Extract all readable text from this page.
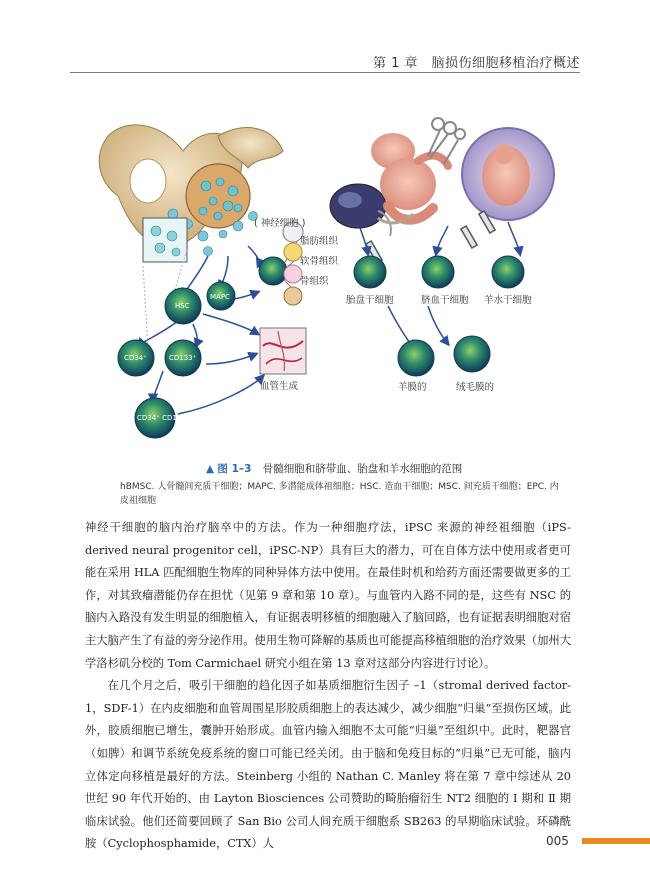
第 1 章　脑损伤细胞移植治疗概述
( 神经细胞 )
脂肪组织
软骨组织
骨组织
胎盘干细胞	脐血干细胞 羊水干细胞
羊膜的	绒毛膜的
血管生成
HSC
MAPC
CD34⁺	CD133⁺
CD34⁺ CD133⁺
▲ 图 1–3 骨髓细胞和脐带血、胎盘和羊水细胞的范围
hBMSC. 人骨髓间充质干细胞；MAPC. 多潜能成体祖细胞；HSC. 造血干细胞；MSC. 间充质干细胞；EPC. 内皮祖细胞

神经干细胞的脑内治疗脑卒中的方法。作为一种细胞疗法，iPSC 来源的神经祖细胞（iPS-derived neural progenitor cell，iPSC-NP）具有巨大的潜力，可在自体方法中使用或者更可能在采用 HLA 匹配细胞生物库的同种异体方法中使用。在最佳时机和给药方面还需要做更多的工作，对其致瘤潜能仍存在担忧（见第 9 章和第 10 章）。与血管内入路不同的是，这些有 NSC 的脑内入路没有发生明显的细胞植入，有证据表明移植的细胞融入了脑回路，也有证据表明细胞对宿主大脑产生了有益的旁分泌作用。使用生物可降解的基质也可能提高移植细胞的治疗效果（加州大学洛杉矶分校的 Tom Carmichael 研究小组在第 13 章对这部分内容进行讨论）。

在几个月之后，吸引干细胞的趋化因子如基质细胞衍生因子 –1（stromal derived factor-1，SDF-1）在内皮细胞和血管周围星形胶质细胞上的表达减少，减少细胞“归巢”至损伤区域。此外，胶质细胞已增生，囊肿开始形成。血管内输入细胞不太可能“归巢”至组织中。此时，靶器官（如脾）和调节系统免疫系统的窗口可能已经关闭。由于脑和免疫目标的“归巢”已无可能，脑内立体定向移植是最好的方法。Steinberg 小组的 Nathan C. Manley 将在第 7 章中综述从 20 世纪 90 年代开始的、由 Layton Biosciences 公司赞助的畸胎瘤衍生 NT2 细胞的 Ⅰ 期和 Ⅱ 期临床试验。他们还简要回顾了 San Bio 公司人间充质干细胞系 SB263 的早期临床试验。环磷酰胺（Cyclophosphamide，CTX）人	005
